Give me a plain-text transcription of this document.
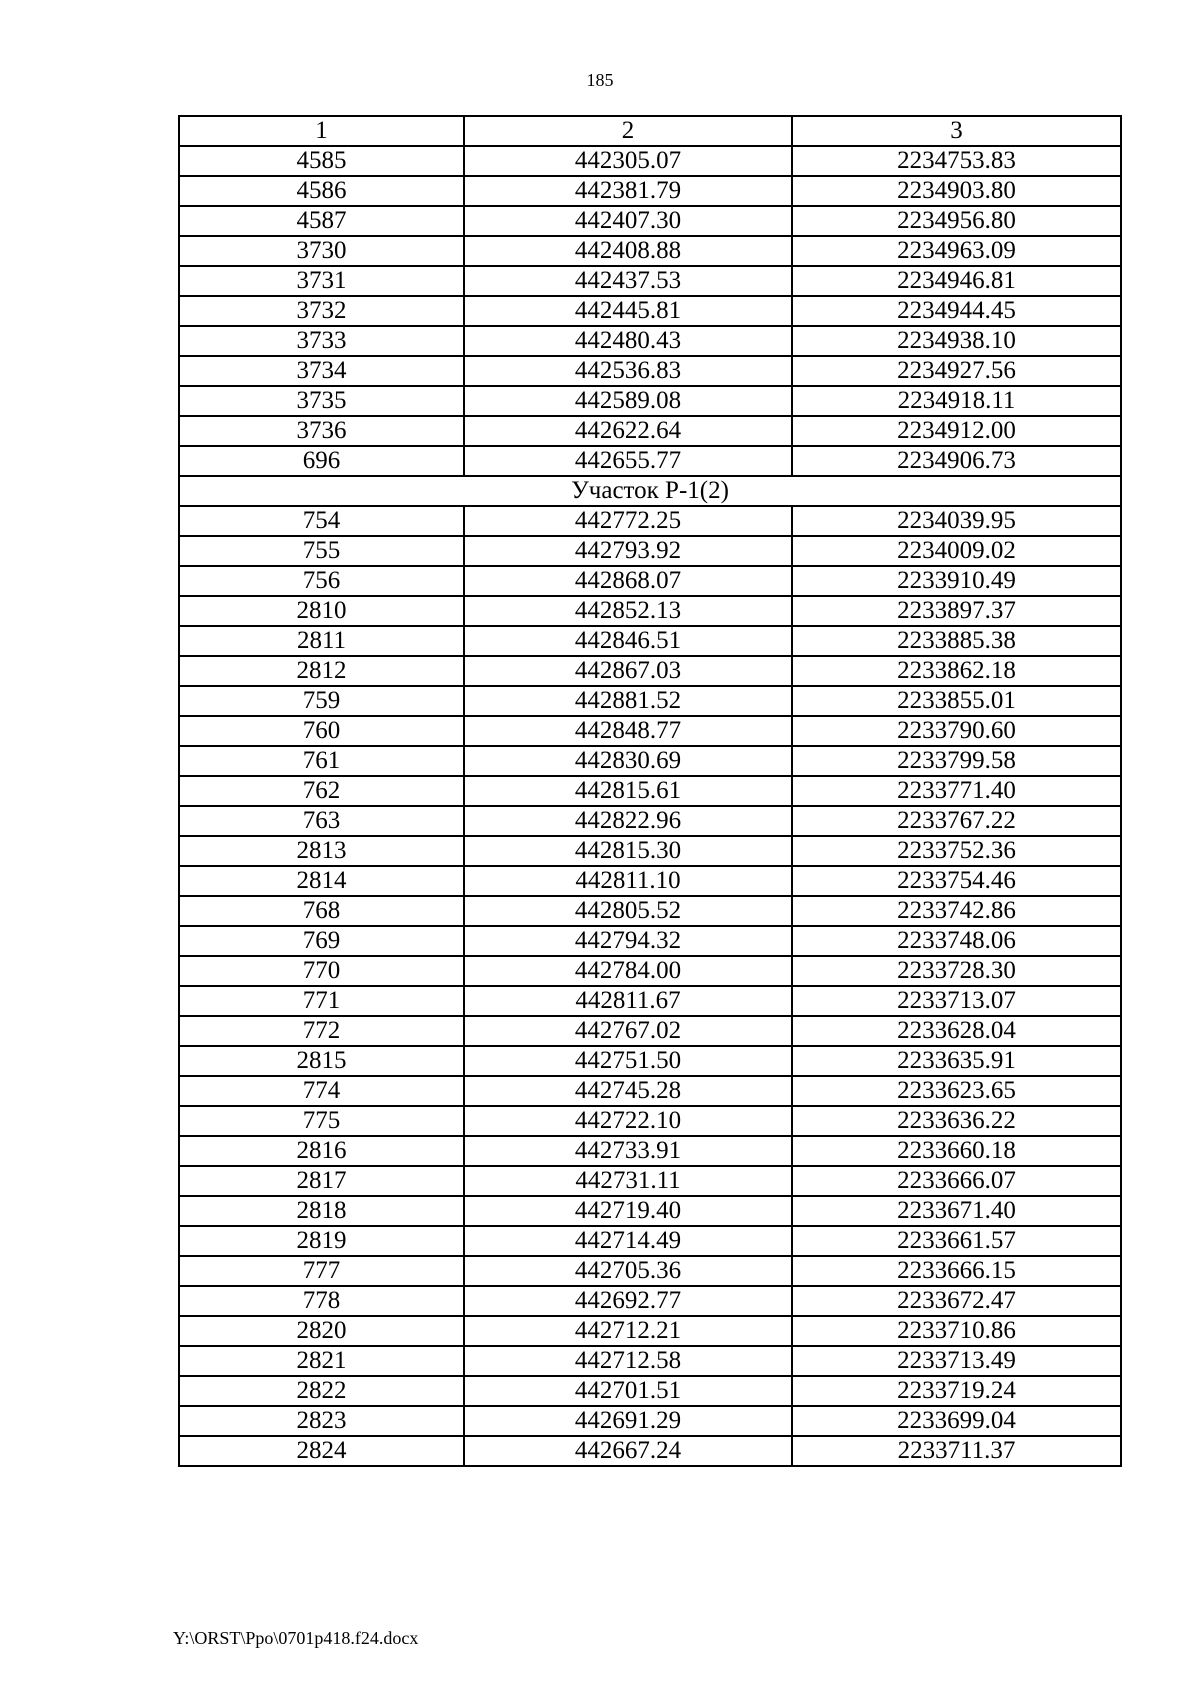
185
1	2	3
4585	442305.07	2234753.83
4586	442381.79	2234903.80
4587	442407.30	2234956.80
3730	442408.88	2234963.09
3731	442437.53	2234946.81
3732	442445.81	2234944.45
3733	442480.43	2234938.10
3734	442536.83	2234927.56
3735	442589.08	2234918.11
3736	442622.64	2234912.00
696	442655.77	2234906.73
Участок Р-1(2)		
754	442772.25	2234039.95
755	442793.92	2234009.02
756	442868.07	2233910.49
2810	442852.13	2233897.37
2811	442846.51	2233885.38
2812	442867.03	2233862.18
759	442881.52	2233855.01
760	442848.77	2233790.60
761	442830.69	2233799.58
762	442815.61	2233771.40
763	442822.96	2233767.22
2813	442815.30	2233752.36
2814	442811.10	2233754.46
768	442805.52	2233742.86
769	442794.32	2233748.06
770	442784.00	2233728.30
771	442811.67	2233713.07
772	442767.02	2233628.04
2815	442751.50	2233635.91
774	442745.28	2233623.65
775	442722.10	2233636.22
2816	442733.91	2233660.18
2817	442731.11	2233666.07
2818	442719.40	2233671.40
2819	442714.49	2233661.57
777	442705.36	2233666.15
778	442692.77	2233672.47
2820	442712.21	2233710.86
2821	442712.58	2233713.49
2822	442701.51	2233719.24
2823	442691.29	2233699.04
2824	442667.24	2233711.37
Y:\ORST\Ppo\0701p418.f24.docx
